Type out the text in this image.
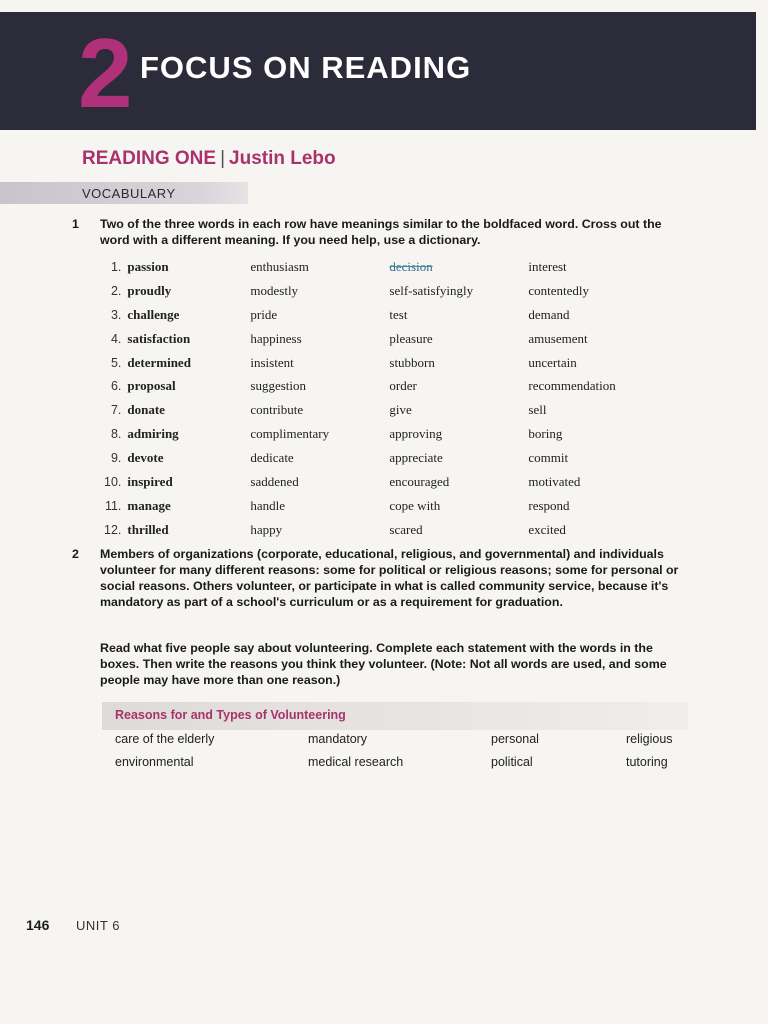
2 FOCUS ON READING
READING ONE | Justin Lebo
VOCABULARY

1 Two of the three words in each row have meanings similar to the boldfaced word. Cross out the word with a different meaning. If you need help, use a dictionary.

1.	passion	enthusiasm	decision	interest
2.	proudly	modestly	self-satisfyingly	contentedly
3.	challenge	pride	test	demand
4.	satisfaction	happiness	pleasure	amusement
5.	determined	insistent	stubborn	uncertain
6.	proposal	suggestion	order	recommendation
7.	donate	contribute	give	sell
8.	admiring	complimentary	approving	boring
9.	devote	dedicate	appreciate	commit
10.	inspired	saddened	encouraged	motivated
11.	manage	handle	cope with	respond
12.	thrilled	happy	scared	excited

2 Members of organizations (corporate, educational, religious, and governmental) and individuals volunteer for many different reasons: some for political or religious reasons; some for personal or social reasons. Others volunteer, or participate in what is called community service, because it's mandatory as part of a school's curriculum or as a requirement for graduation.

Read what five people say about volunteering. Complete each statement with the words in the boxes. Then write the reasons you think they volunteer. (Note: Not all words are used, and some people may have more than one reason.)

Reasons for and Types of Volunteering
care of the elderly	mandatory	personal	religious
environmental	medical research	political	tutoring
146 UNIT 6
